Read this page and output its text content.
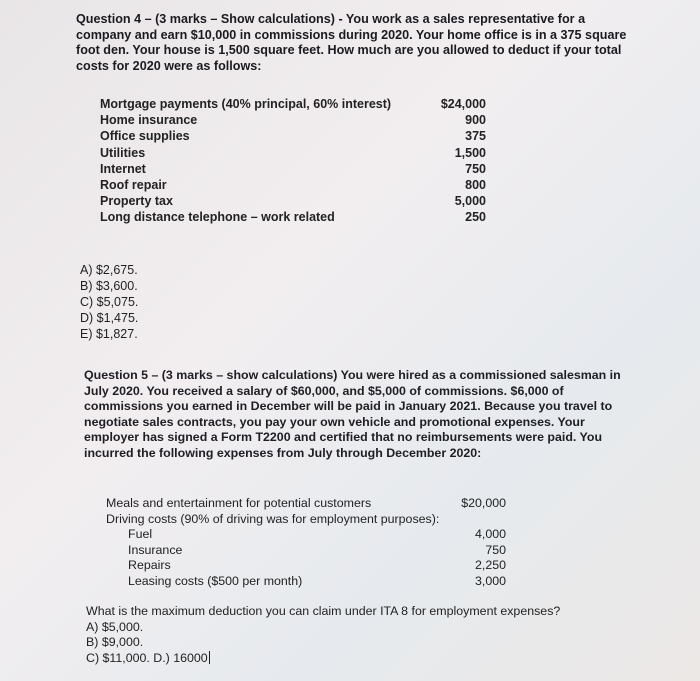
Question 4 – (3 marks – Show calculations) - You work as a sales representative for a company and earn $10,000 in commissions during 2020. Your home office is in a 375 square foot den. Your house is 1,500 square feet. How much are you allowed to deduct if your total costs for 2020 were as follows:
Mortgage payments (40% principal, 60% interest)	$24,000
Home insurance	900
Office supplies	375
Utilities	1,500
Internet	750
Roof repair	800
Property tax	5,000
Long distance telephone – work related	250
A) $2,675.
B) $3,600.
C) $5,075.
D) $1,475.
E) $1,827.
Question 5 – (3 marks – show calculations) You were hired as a commissioned salesman in July 2020. You received a salary of $60,000, and $5,000 of commissions. $6,000 of commissions you earned in December will be paid in January 2021. Because you travel to negotiate sales contracts, you pay your own vehicle and promotional expenses. Your employer has signed a Form T2200 and certified that no reimbursements were paid. You incurred the following expenses from July through December 2020:
Meals and entertainment for potential customers	$20,000
Driving costs (90% of driving was for employment purposes):
Fuel	4,000
Insurance	750
Repairs	2,250
Leasing costs ($500 per month)	3,000
What is the maximum deduction you can claim under ITA 8 for employment expenses?
A) $5,000.
B) $9,000.
C) $11,000. D.) 16000
